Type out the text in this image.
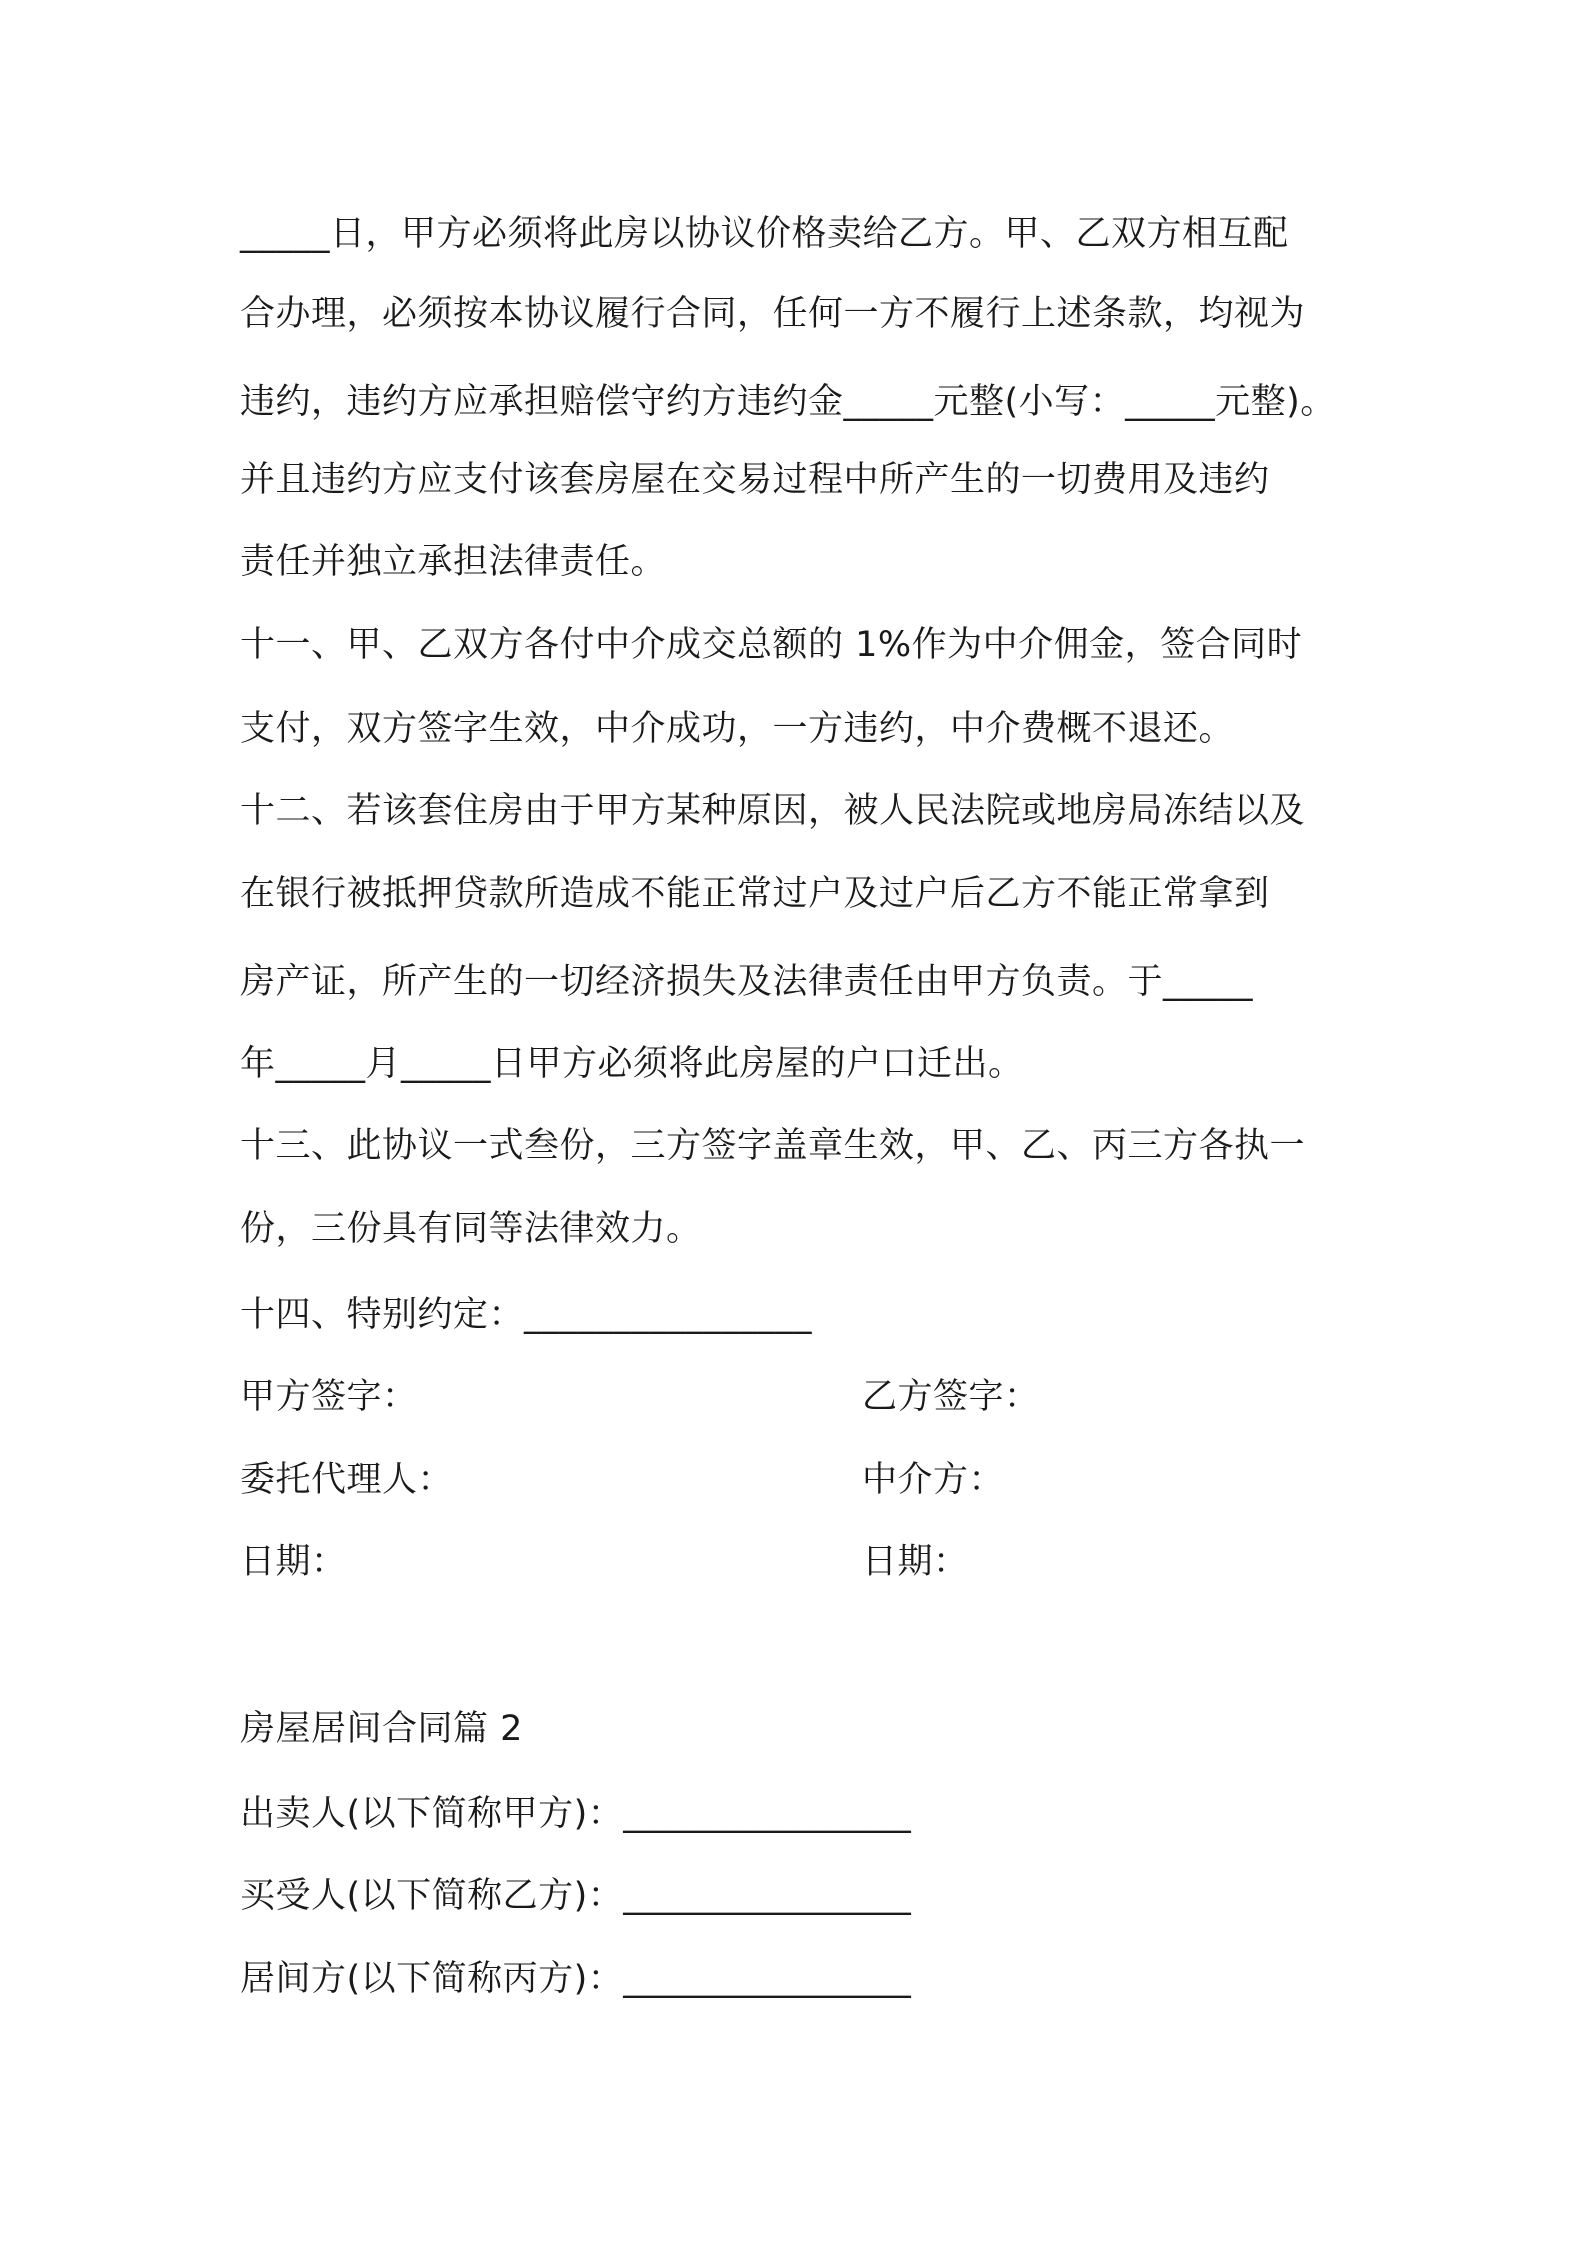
_____日，甲方必须将此房以协议价格卖给乙方。甲、乙双方相互配
合办理，必须按本协议履行合同，任何一方不履行上述条款，均视为
违约，违约方应承担赔偿守约方违约金_____元整(小写：_____元整)。
并且违约方应支付该套房屋在交易过程中所产生的一切费用及违约
责任并独立承担法律责任。
十一、甲、乙双方各付中介成交总额的 1%作为中介佣金，签合同时
支付，双方签字生效，中介成功，一方违约，中介费概不退还。
十二、若该套住房由于甲方某种原因，被人民法院或地房局冻结以及
在银行被抵押贷款所造成不能正常过户及过户后乙方不能正常拿到
房产证，所产生的一切经济损失及法律责任由甲方负责。于_____
年_____月_____日甲方必须将此房屋的户口迁出。
十三、此协议一式叁份，三方签字盖章生效，甲、乙、丙三方各执一
份，三份具有同等法律效力。
十四、特别约定：________________
甲方签字：	乙方签字：
委托代理人：	中介方：
日期：	日期：
房屋居间合同篇 2
出卖人(以下简称甲方)：________________
买受人(以下简称乙方)：________________
居间方(以下简称丙方)：________________
